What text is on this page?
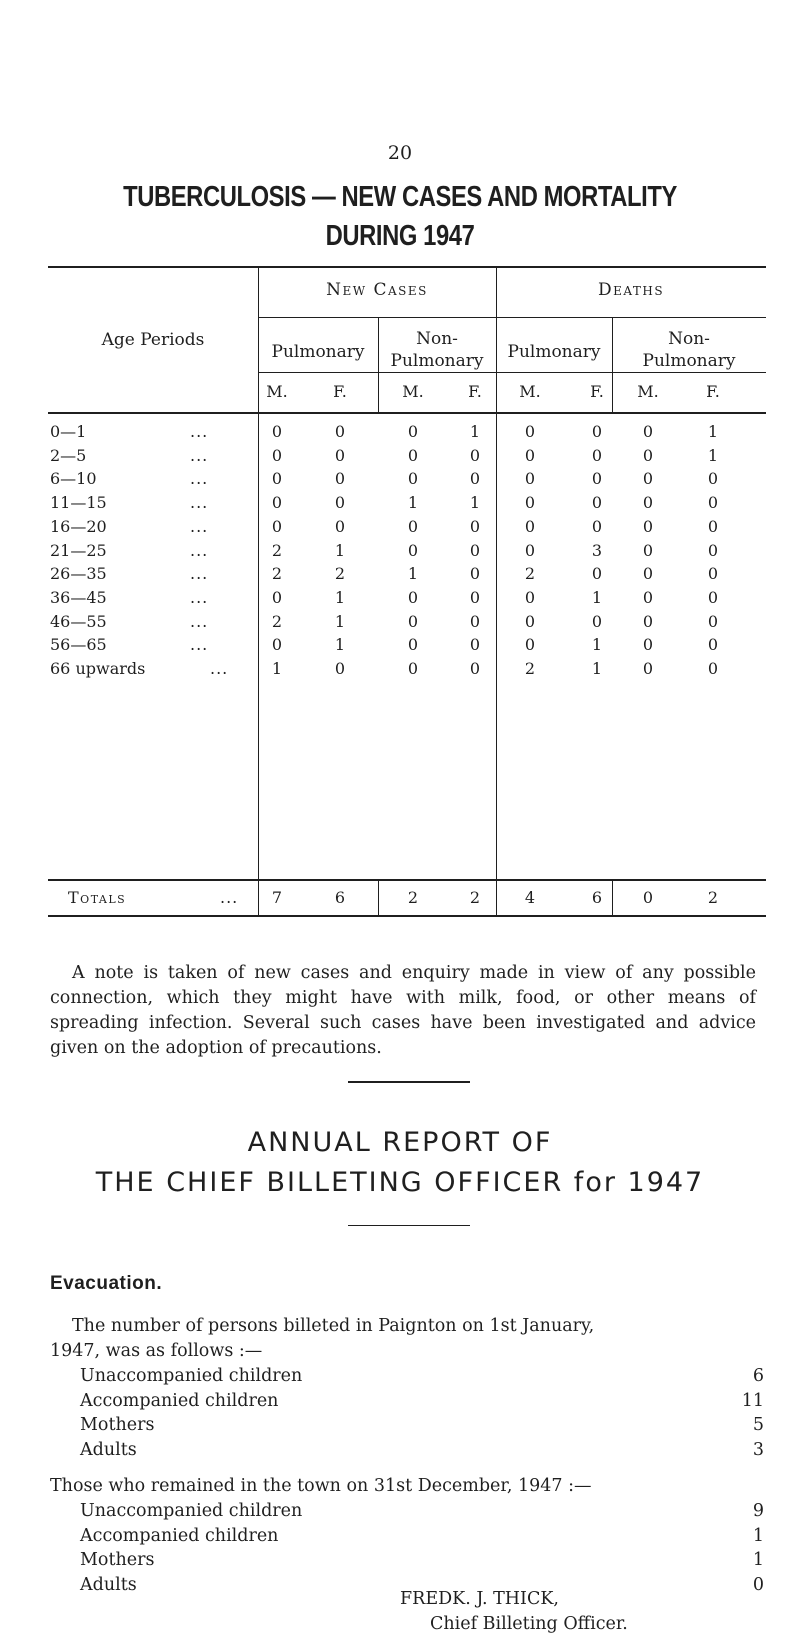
20
TUBERCULOSIS — NEW CASES AND MORTALITY
DURING 1947
Age Periods
New Cases	Deaths
Pulmonary
Non-
Pulmonary	Pulmonary
Non-
Pulmonary
M.	F.	M.	F.	M.	F.	M.	F.
0—1	...	0	0	0	1	0	0	0	1
2—5	...	0	0	0	0	0	0	0	1
6—10	...	0	0	0	0	0	0	0	0
11—15	...	0	0	1	1	0	0	0	0
16—20	...	0	0	0	0	0	0	0	0
21—25	...	2	1	0	0	0	3	0	0
26—35	...	2	2	1	0	2	0	0	0
36—45	...	0	1	0	0	0	1	0	0
46—55	...	2	1	0	0	0	0	0	0
56—65	...	0	1	0	0	0	1	0	0
66 upwards	...	1	0	0	0	2	1	0	0
Totals	...	7	6	2	2	4	6	0	2
A note is taken of new cases and enquiry made in view of any possible connection, which they might have with milk, food, or other means of spreading infection. Several such cases have been investigated and advice given on the adoption of precautions.
ANNUAL REPORT OF
THE CHIEF BILLETING OFFICER for 1947
Evacuation.
The number of persons billeted in Paignton on 1st January,
1947, was as follows :—
Unaccompanied children	6
Accompanied children	11
Mothers	5
Adults	3
Those who remained in the town on 31st December, 1947 :—
Unaccompanied children	9
Accompanied children	1
Mothers	1
Adults	0
FREDK. J. THICK,
Chief Billeting Officer.
